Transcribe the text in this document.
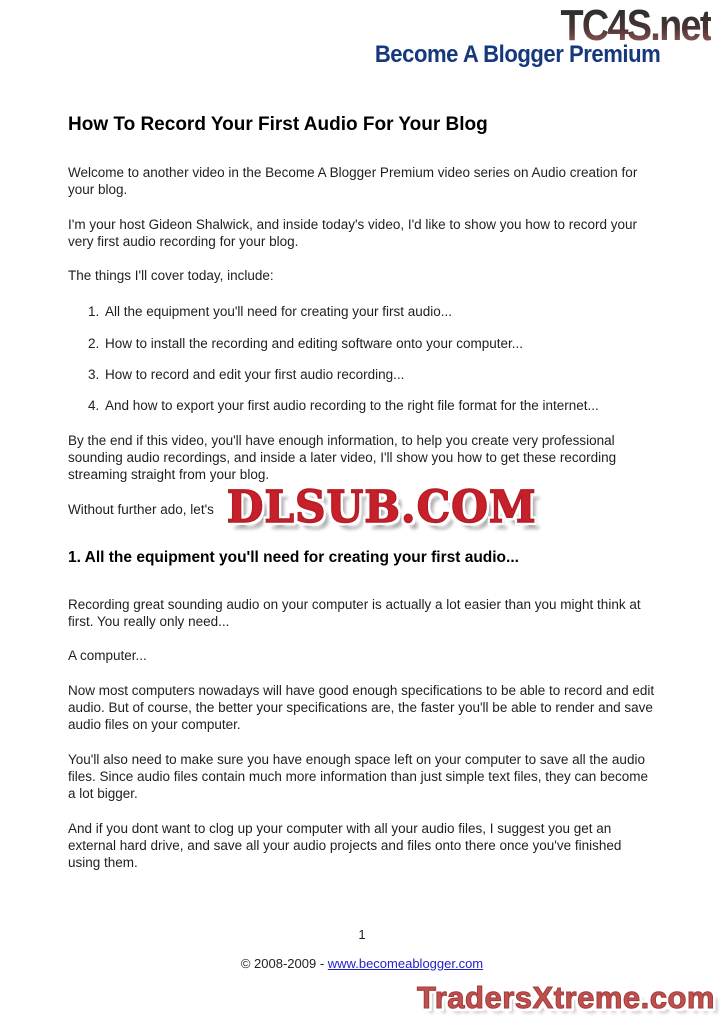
TC4S.net
Become A Blogger Premium
How To Record Your First Audio For Your Blog

Welcome to another video in the Become A Blogger Premium video series on Audio creation for your blog.

I'm your host Gideon Shalwick, and inside today's video, I'd like to show you how to record your very first audio recording for your blog.

The things I'll cover today, include:

1. All the equipment you'll need for creating your first audio...
2. How to install the recording and editing software onto your computer...
3. How to record and edit your first audio recording...
4. And how to export your first audio recording to the right file format for the internet...

By the end if this video, you'll have enough information, to help you create very professional sounding audio recordings, and inside a later video, I'll show you how to get these recording streaming straight from your blog.

Without further ado, let's

1. All the equipment you'll need for creating your first audio...

Recording great sounding audio on your computer is actually a lot easier than you might think at first. You really only need...

A computer...

Now most computers nowadays will have good enough specifications to be able to record and edit audio. But of course, the better your specifications are, the faster you'll be able to render and save audio files on your computer.

You'll also need to make sure you have enough space left on your computer to save all the audio files. Since audio files contain much more information than just simple text files, they can become a lot bigger.

And if you dont want to clog up your computer with all your audio files, I suggest you get an external hard drive, and save all your audio projects and files onto there once you've finished using them.

DLSUB.COM
1
© 2008-2009 - www.becomeablogger.com
TradersXtreme.com
